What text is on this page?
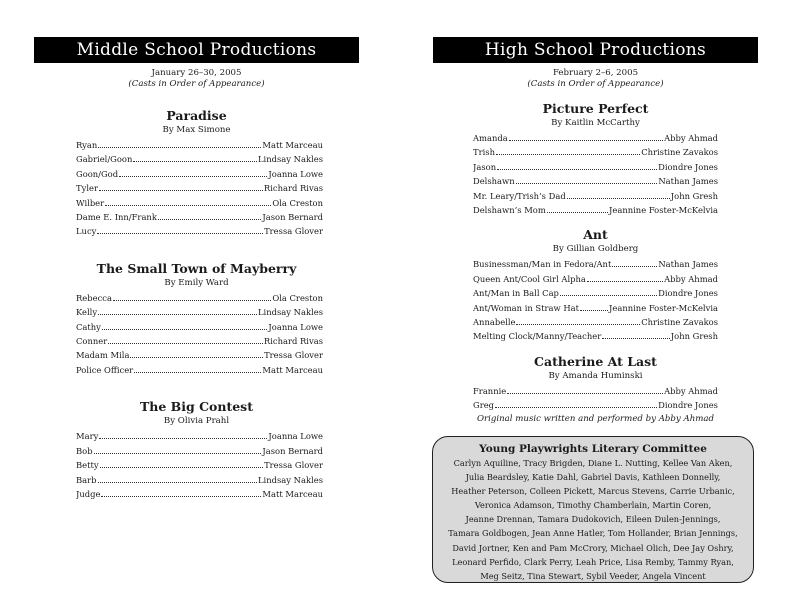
Middle School Productions
January 26–30, 2005
(Casts in Order of Appearance)
Paradise
By Max Simone
Ryan	Matt Marceau
Gabriel/Goon	Lindsay Nakles
Goon/God	Joanna Lowe
Tyler	Richard Rivas
Wilber	Ola Creston
Dame E. Inn/Frank	Jason Bernard
Lucy	Tressa Glover
The Small Town of Mayberry
By Emily Ward
Rebecca	Ola Creston
Kelly	Lindsay Nakles
Cathy	Joanna Lowe
Conner	Richard Rivas
Madam Mila	Tressa Glover
Police Officer	Matt Marceau
The Big Contest
By Olivia Prahl
Mary	Joanna Lowe
Bob	Jason Bernard
Betty	Tressa Glover
Barb	Lindsay Nakles
Judge	Matt Marceau
High School Productions
February 2–6, 2005
(Casts in Order of Appearance)
Picture Perfect
By Kaitlin McCarthy
Amanda	Abby Ahmad
Trish	Christine Zavakos
Jason	Diondre Jones
Delshawn	Nathan James
Mr. Leary/Trish’s Dad	John Gresh
Delshawn’s Mom	Jeannine Foster-McKelvia
Ant
By Gillian Goldberg
Businessman/Man in Fedora/Ant	Nathan James
Queen Ant/Cool Girl Alpha	Abby Ahmad
Ant/Man in Ball Cap	Diondre Jones
Ant/Woman in Straw Hat	Jeannine Foster-McKelvia
Annabelle	Christine Zavakos
Melting Clock/Manny/Teacher	John Gresh
Catherine At Last
By Amanda Huminski
Frannie	Abby Ahmad
Greg	Diondre Jones
Original music written and performed by Abby Ahmad
Young Playwrights Literary Committee
Carlyn Aquiline, Tracy Brigden, Diane L. Nutting, Kellee Van Aken,
Julia Beardsley, Katie Dahl, Gabriel Davis, Kathleen Donnelly,
Heather Peterson, Colleen Pickett, Marcus Stevens, Carrie Urbanic,
Veronica Adamson, Timothy Chamberlain, Martin Coren,
Jeanne Drennan, Tamara Dudokovich, Eileen Dulen-Jennings,
Tamara Goldbogen, Jean Anne Hatler, Tom Hollander, Brian Jennings,
David Jortner, Ken and Pam McCrory, Michael Olich, Dee Jay Oshry,
Leonard Perfido, Clark Perry, Leah Price, Lisa Remby, Tammy Ryan,
Meg Seitz, Tina Stewart, Sybil Veeder, Angela Vincent
